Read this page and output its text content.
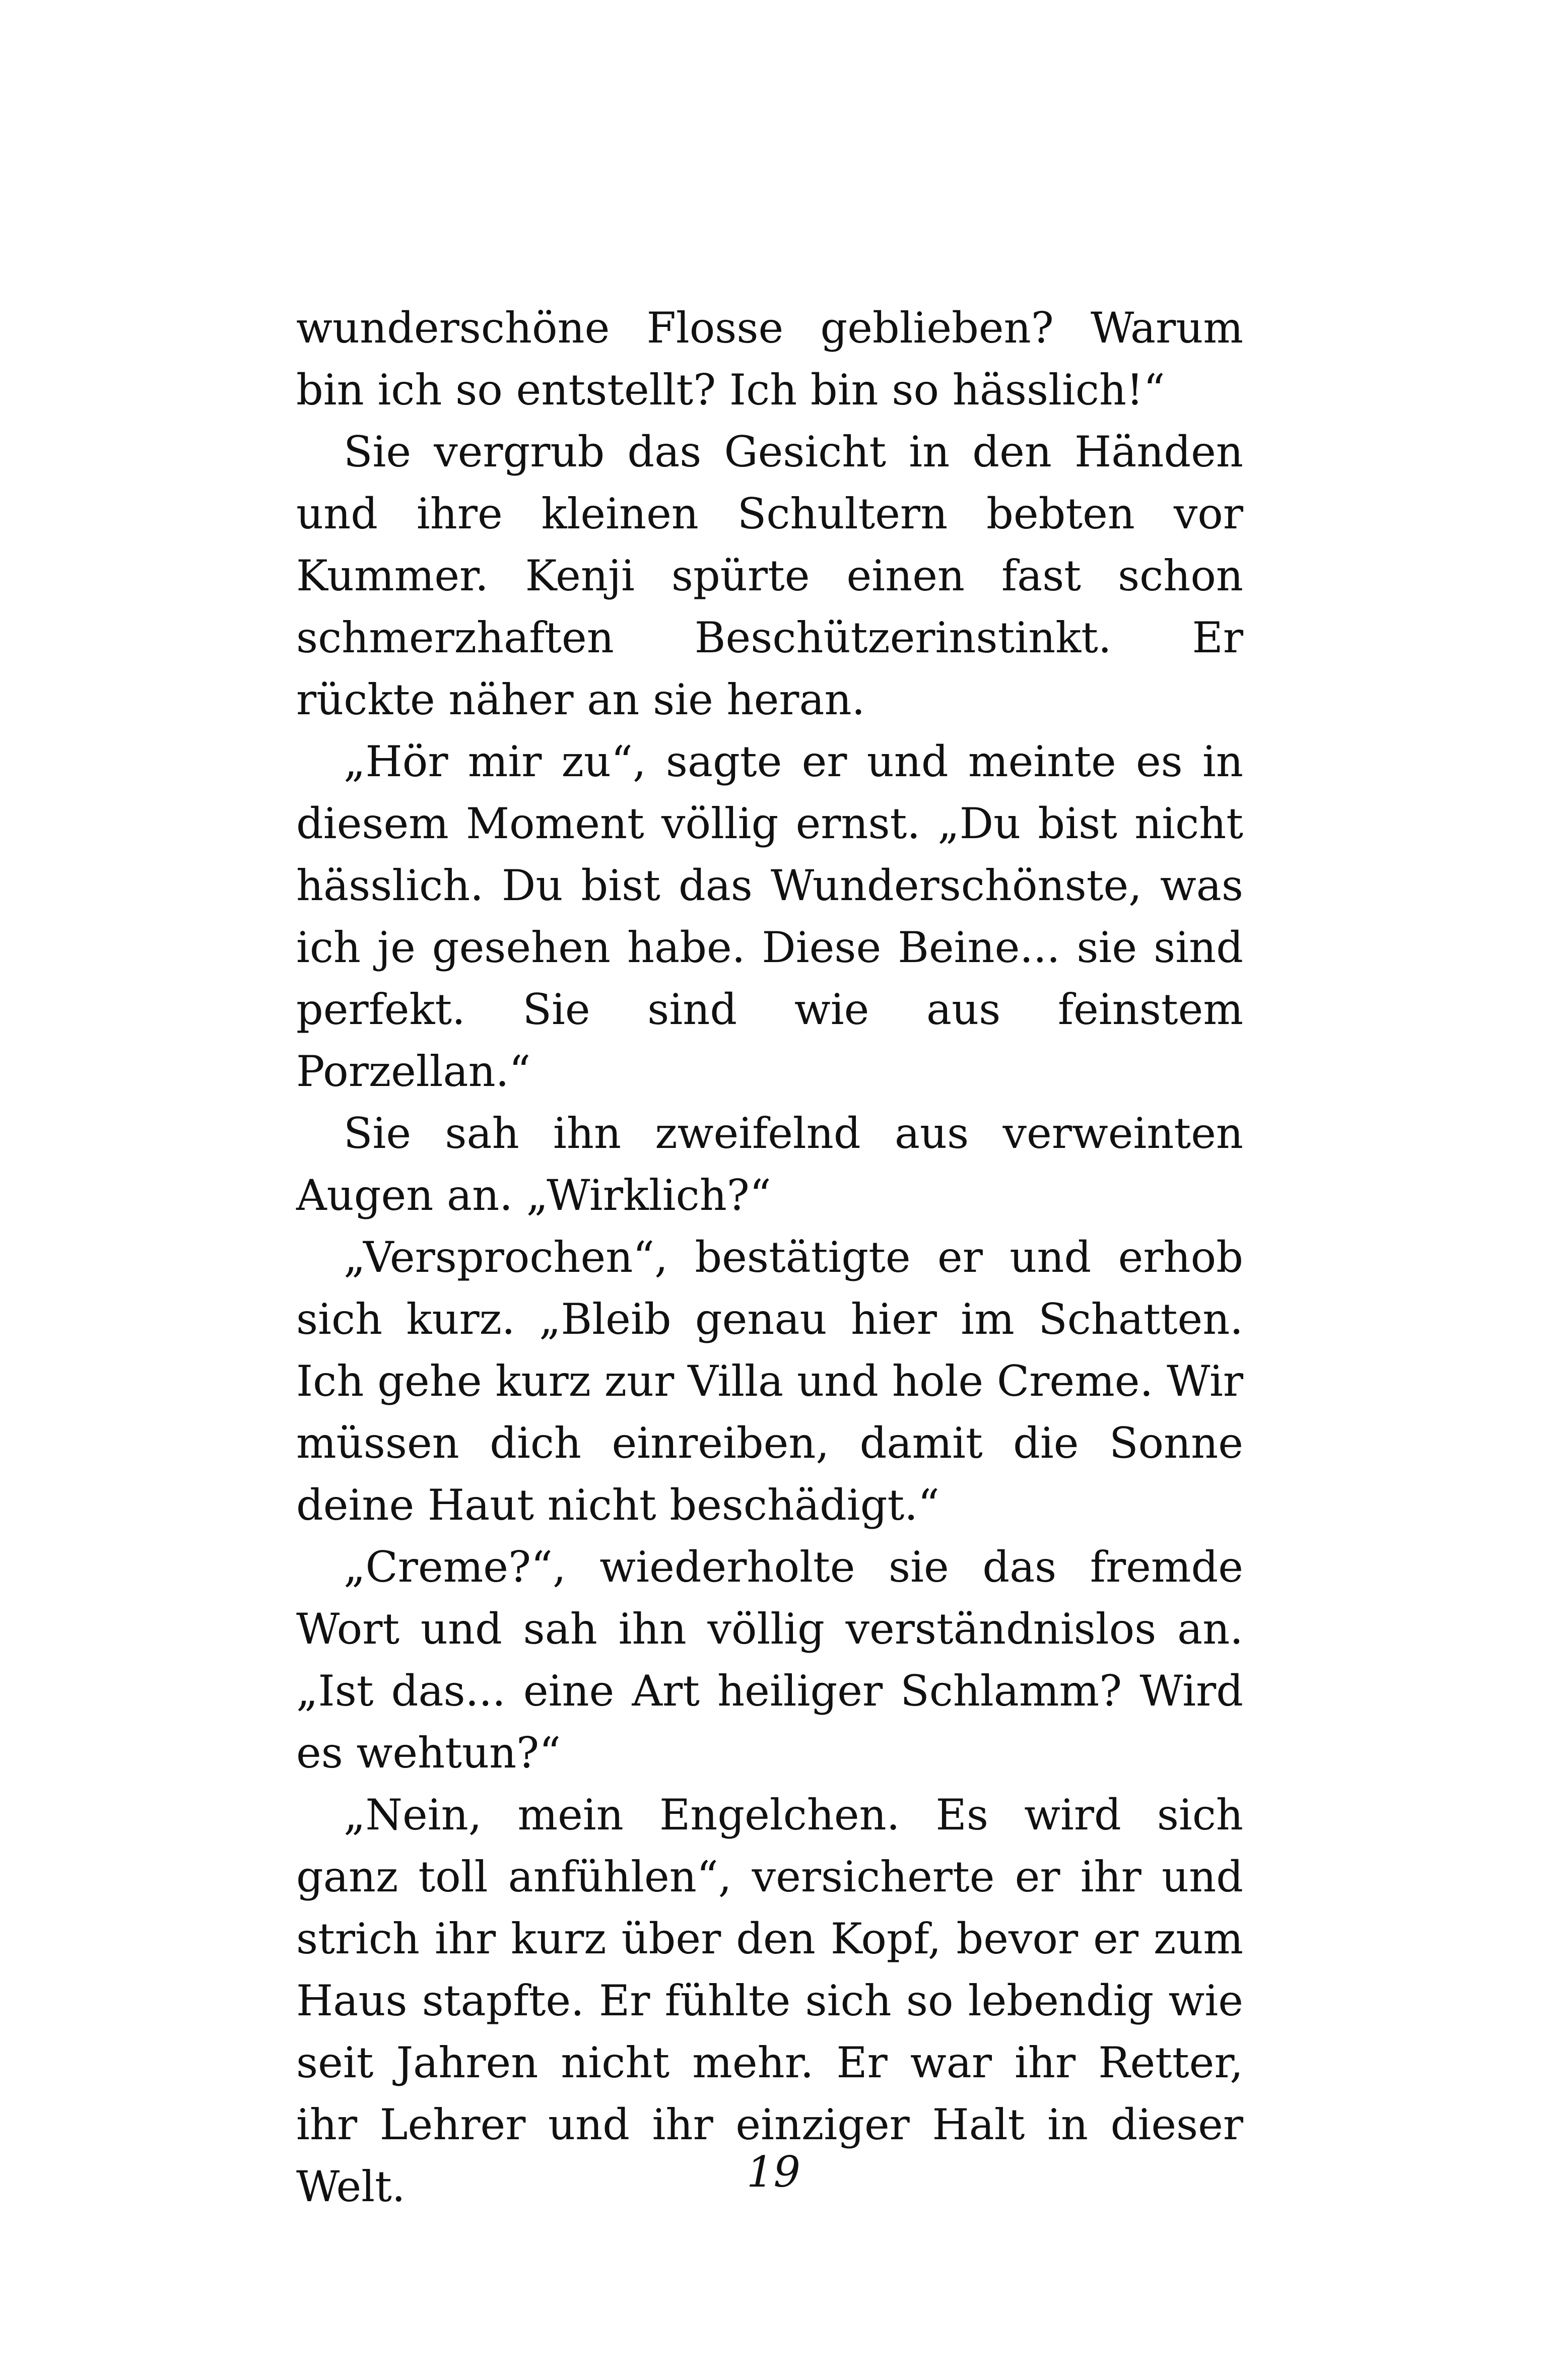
wunderschöne Flosse geblieben? Warum bin ich so entstellt? Ich bin so hässlich!“

Sie vergrub das Gesicht in den Händen und ihre kleinen Schultern bebten vor Kummer. Kenji spürte einen fast schon schmerzhaften Beschützerinstinkt. Er rückte näher an sie heran.

„Hör mir zu“, sagte er und meinte es in diesem Moment völlig ernst. „Du bist nicht hässlich. Du bist das Wunderschönste, was ich je gesehen habe. Diese Beine... sie sind perfekt. Sie sind wie aus feinstem Porzellan.“

Sie sah ihn zweifelnd aus verweinten Augen an. „Wirklich?“

„Versprochen“, bestätigte er und erhob sich kurz. „Bleib genau hier im Schatten. Ich gehe kurz zur Villa und hole Creme. Wir müssen dich einreiben, damit die Sonne deine Haut nicht beschädigt.“

„Creme?“, wiederholte sie das fremde Wort und sah ihn völlig verständnislos an. „Ist das... eine Art heiliger Schlamm? Wird es wehtun?“

„Nein, mein Engelchen. Es wird sich ganz toll anfühlen“, versicherte er ihr und strich ihr kurz über den Kopf, bevor er zum Haus stapfte. Er fühlte sich so lebendig wie seit Jahren nicht mehr. Er war ihr Retter, ihr Lehrer und ihr einziger Halt in dieser Welt.	19
